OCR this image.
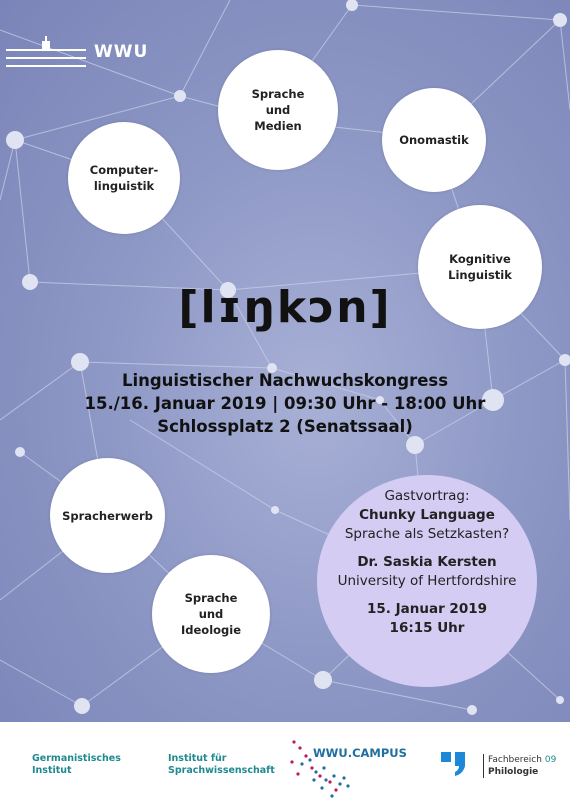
WWU
Sprache
und
Medien
Onomastik
Computer-
linguistik
Kognitive
Linguistik
[lɪŋkɔn]
Linguistischer Nachwuchskongress
15./16. Januar 2019 | 09:30 Uhr - 18:00 Uhr
Schlossplatz 2 (Senatssaal)
Spracherwerb
Sprache
und
Ideologie
Gastvortrag:
Chunky Language
Sprache als Setzkasten?
Dr. Saskia Kersten
University of Hertfordshire
15. Januar 2019
16:15 Uhr
Germanistisches
Institut
Institut für
Sprachwissenschaft
WWU.CAMPUS	Fachbereich 09
Philologie
